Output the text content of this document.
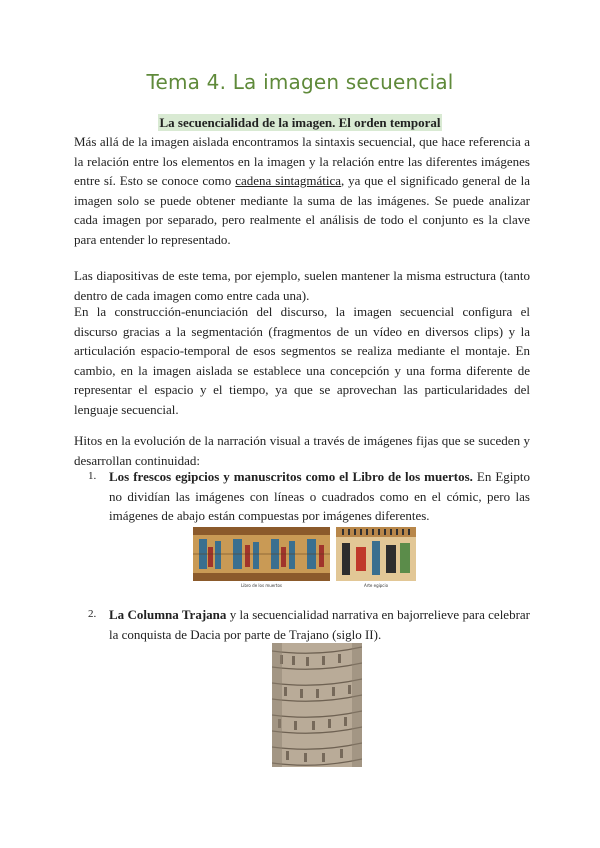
Tema 4. La imagen secuencial
La secuencialidad de la imagen. El orden temporal

Más allá de la imagen aislada encontramos la sintaxis secuencial, que hace referencia a la relación entre los elementos en la imagen y la relación entre las diferentes imágenes entre sí. Esto se conoce como cadena sintagmática, ya que el significado general de la imagen solo se puede obtener mediante la suma de las imágenes. Se puede analizar cada imagen por separado, pero realmente el análisis de todo el conjunto es la clave para entender lo representado.

Las diapositivas de este tema, por ejemplo, suelen mantener la misma estructura (tanto dentro de cada imagen como entre cada una).

En la construcción-enunciación del discurso, la imagen secuencial configura el discurso gracias a la segmentación (fragmentos de un vídeo en diversos clips) y la articulación espacio-temporal de esos segmentos se realiza mediante el montaje. En cambio, en la imagen aislada se establece una concepción y una forma diferente de representar el espacio y el tiempo, ya que se aprovechan las particularidades del lenguaje secuencial.

Hitos en la evolución de la narración visual a través de imágenes fijas que se suceden y desarrollan continuidad:

1. Los frescos egipcios y manuscritos como el Libro de los muertos. En Egipto no dividían las imágenes con líneas o cuadrados como en el cómic, pero las imágenes de abajo están compuestas por imágenes diferentes.
Libro de los muertos	Arte egipcio
2. La Columna Trajana y la secuencialidad narrativa en bajorrelieve para celebrar la conquista de Dacia por parte de Trajano (siglo II).
